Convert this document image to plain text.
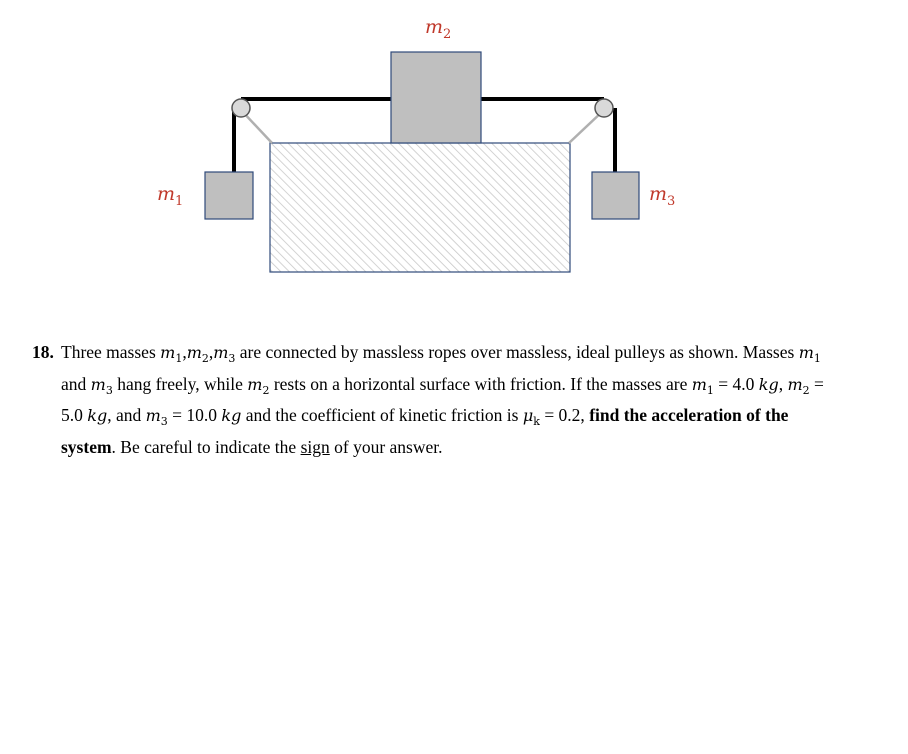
$m_2$
$m_1$	$m_3$
18. Three masses $m_1,m_2,m_3$ are connected by massless ropes over massless, ideal pulleys as shown. Masses $m_1$ and $m_3$ hang freely, while $m_2$ rests on a horizontal surface with friction. If the masses are $m_1 = 4.0$ kg, $m_2 = 5.0$ kg, and $m_3 = 10.0$ kg and the coefficient of kinetic friction is $\mu_k = 0.2$, find the acceleration of the system. Be careful to indicate the sign of your answer.
